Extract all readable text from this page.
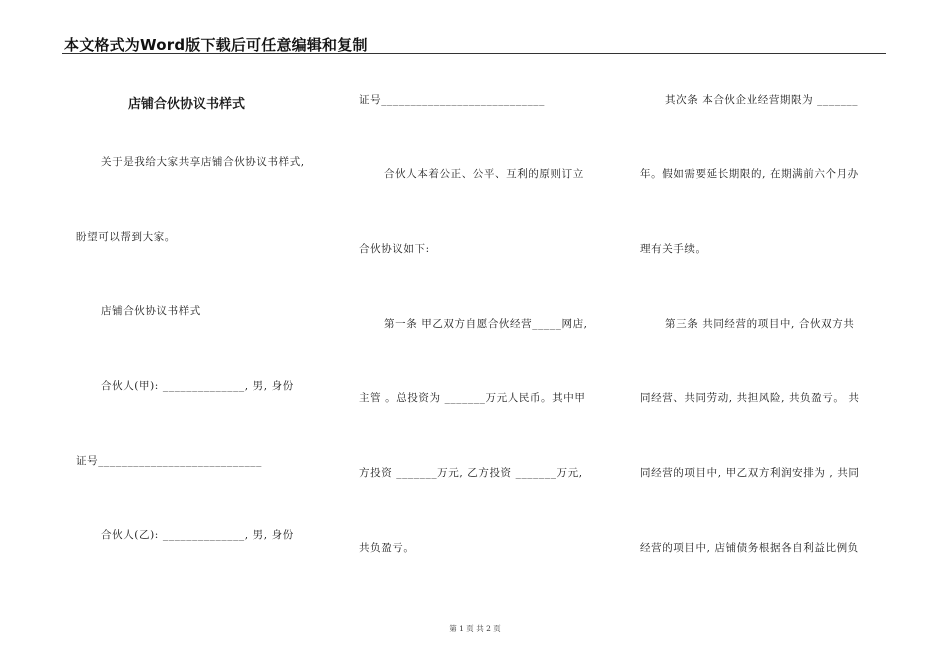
本文格式为Word版下载后可任意编辑和复制
店铺合伙协议书样式
关于是我给大家共享店铺合伙协议书样式,
盼望可以帮到大家。
店铺合伙协议书样式
合伙人(甲): ______________, 男, 身份
证号____________________________
合伙人(乙): ______________, 男, 身份
证号____________________________
合伙人本着公正、公平、互利的原则订立
合伙协议如下:
第一条 甲乙双方自愿合伙经营_____网店,
主管 。总投资为 _______万元人民币。其中甲
方投资 _______万元, 乙方投资 _______万元,
共负盈亏。
其次条 本合伙企业经营期限为 _______
年。假如需要延长期限的, 在期满前六个月办
理有关手续。
第三条 共同经营的项目中, 合伙双方共
同经营、共同劳动, 共担风险, 共负盈亏。 共
同经营的项目中, 甲乙双方利润安排为 , 共同
经营的项目中, 店铺债务根据各自利益比例负
第 1 页 共 2 页
